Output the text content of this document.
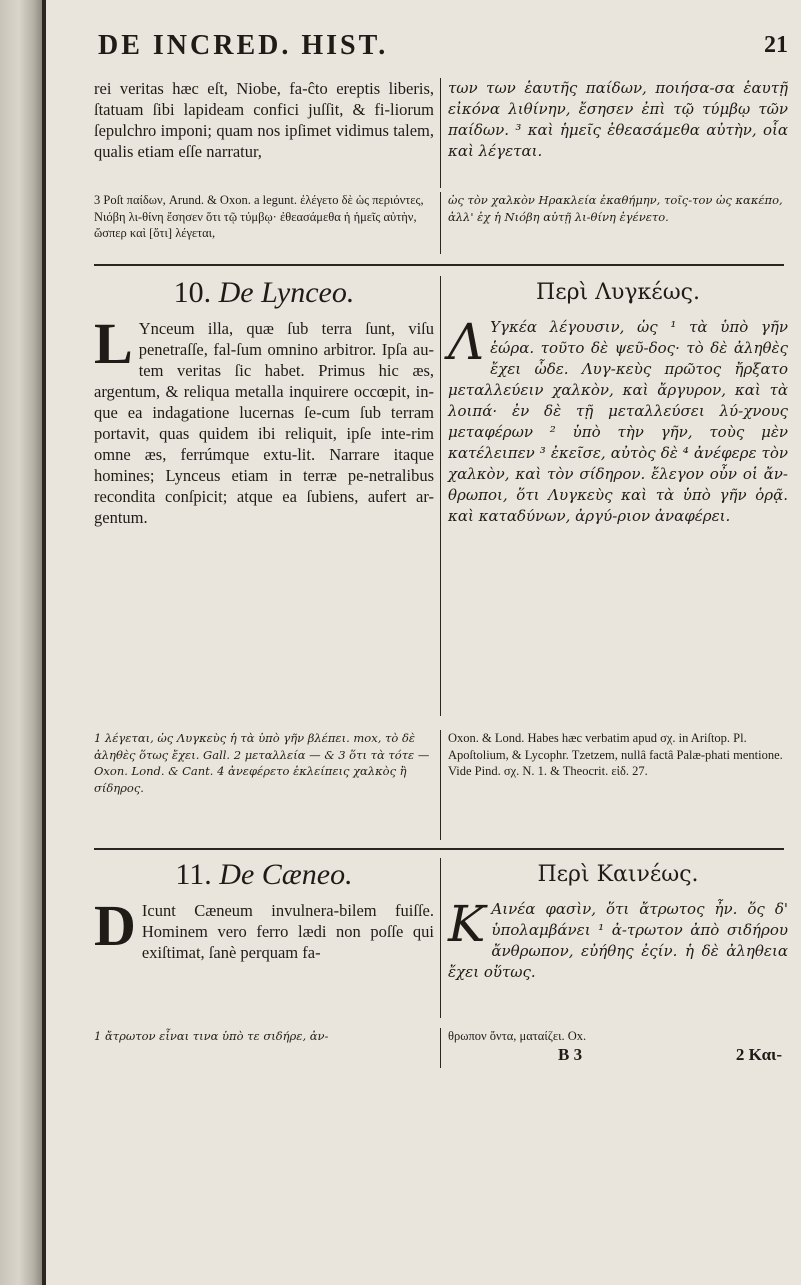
DE INCRED. HIST.	21

rei veritas hæc eſt, Niobe, fa-ĉto ereptis liberis, ſtatuam ſibi lapideam confici juſſit, & fi-liorum ſepulchro imponi; quam nos ipſimet vidimus talem, qualis etiam eſſe narratur,

των των ἑαυτῆς παίδων, ποιήσα-σα ἑαυτῇ εἰκόνα λιθίνην, ἔσησεν ἐπὶ τῷ τύμβῳ τῶν παίδων. ³ καὶ ἡμεῖς ἐθεασάμεθα αὐτὴν, οἷα καὶ λέγεται.

3 Poſt παίδων, Arund. & Oxon. a legunt. ἐλέγετο δὲ ὡς περιόντες, Νιόβη λι-θίνη ἔσησεν ὅτι τῷ τύμβῳ· ἐθεασάμεθα ἡ ἡμεῖς αὐτὴν, ὥσπερ καὶ [ὅτι] λέγεται,

ὡς τὸν χαλκὸν Ηρακλεία ἐκαθήμην, τοῖς-τον ὡς κακέπο, ἀλλ' ἐχ ἡ Νιόβη αὐτῇ λι-θίνη ἐγένετο.

10. De Lynceo.

L Ynceum illa, quæ ſub terra ſunt, viſu penetraſſe, fal-ſum omnino arbitror. Ipſa au-tem veritas ſic habet. Primus hic æs, argentum, & reliqua metalla inquirere occœpit, in-que ea indagatione lucernas ſe-cum ſub terram portavit, quas quidem ibi reliquit, ipſe inte-rim omne æs, ferrúmque extu-lit. Narrare itaque homines; Lynceus etiam in terræ pe-netralibus recondita conſpicit; atque ea ſubiens, aufert ar-gentum.

Περὶ Λυγκέως.

Λ Υγκέα λέγουσιν, ὡς ¹ τὰ ὑπὸ γῆν ἑώρα. τοῦτο δὲ ψεῦ-δος· τὸ δὲ ἀληθὲς ἔχει ὧδε. Λυγ-κεὺς πρῶτος ἤρξατο μεταλλεύειν χαλκὸν, καὶ ἄργυρον, καὶ τὰ λοιπά· ἐν δὲ τῇ μεταλλεύσει λύ-χνους μεταφέρων ² ὑπὸ τὴν γῆν, τοὺς μὲν κατέλειπεν ³ ἐκεῖσε, αὐτὸς δὲ ⁴ ἀνέφερε τὸν χαλκὸν, καὶ τὸν σίδηρον. ἔλεγον οὖν οἱ ἄν-θρωποι, ὅτι Λυγκεὺς καὶ τὰ ὑπὸ γῆν ὁρᾷ. καὶ καταδύνων, ἀργύ-ριον ἀναφέρει.

1 λέγεται, ὡς Λυγκεὺς ἡ τὰ ὑπὸ γῆν βλέπει. mox, τὸ δὲ ἀληθὲς ὅτως ἔχει. Gall. 2 μεταλλεία — & 3 ὅτι τὰ τότε — Oxon. Lond. & Cant. 4 ἀνεφέρετο ἐκλείπεις χαλκὸς ἢ σίδηρος.

Oxon. & Lond. Habes hæc verbatim apud σχ. in Ariſtop. Pl. Apoſtolium, & Lycophr. Tzetzem, nullâ factâ Palæ-phati mentione. Vide Pind. σχ. N. 1. & Theocrit. εἰδ. 27.

11. De Cæneo.

D Icunt Cæneum invulnera-bilem fuiſſe. Hominem vero ferro lædi non poſſe qui exiſtimat, ſanè perquam fa-

Περὶ Καινέως.

K Αινέα φασὶν, ὅτι ἄτρωτος ἦν. ὅς δ' ὑπολαμβάνει ¹ ἀ-τρωτον ἀπὸ σιδήρου ἄνθρωπον, εὐήθης ἐςίν. ἡ δὲ ἀληθεια ἔχει οὕτως.

1 ἄτρωτον εἶναι τινα ὑπὸ τε σιδήρε, ἀν-	θρωπον ὄντα, ματαίζει. Ox.

B 3	2 Και-
